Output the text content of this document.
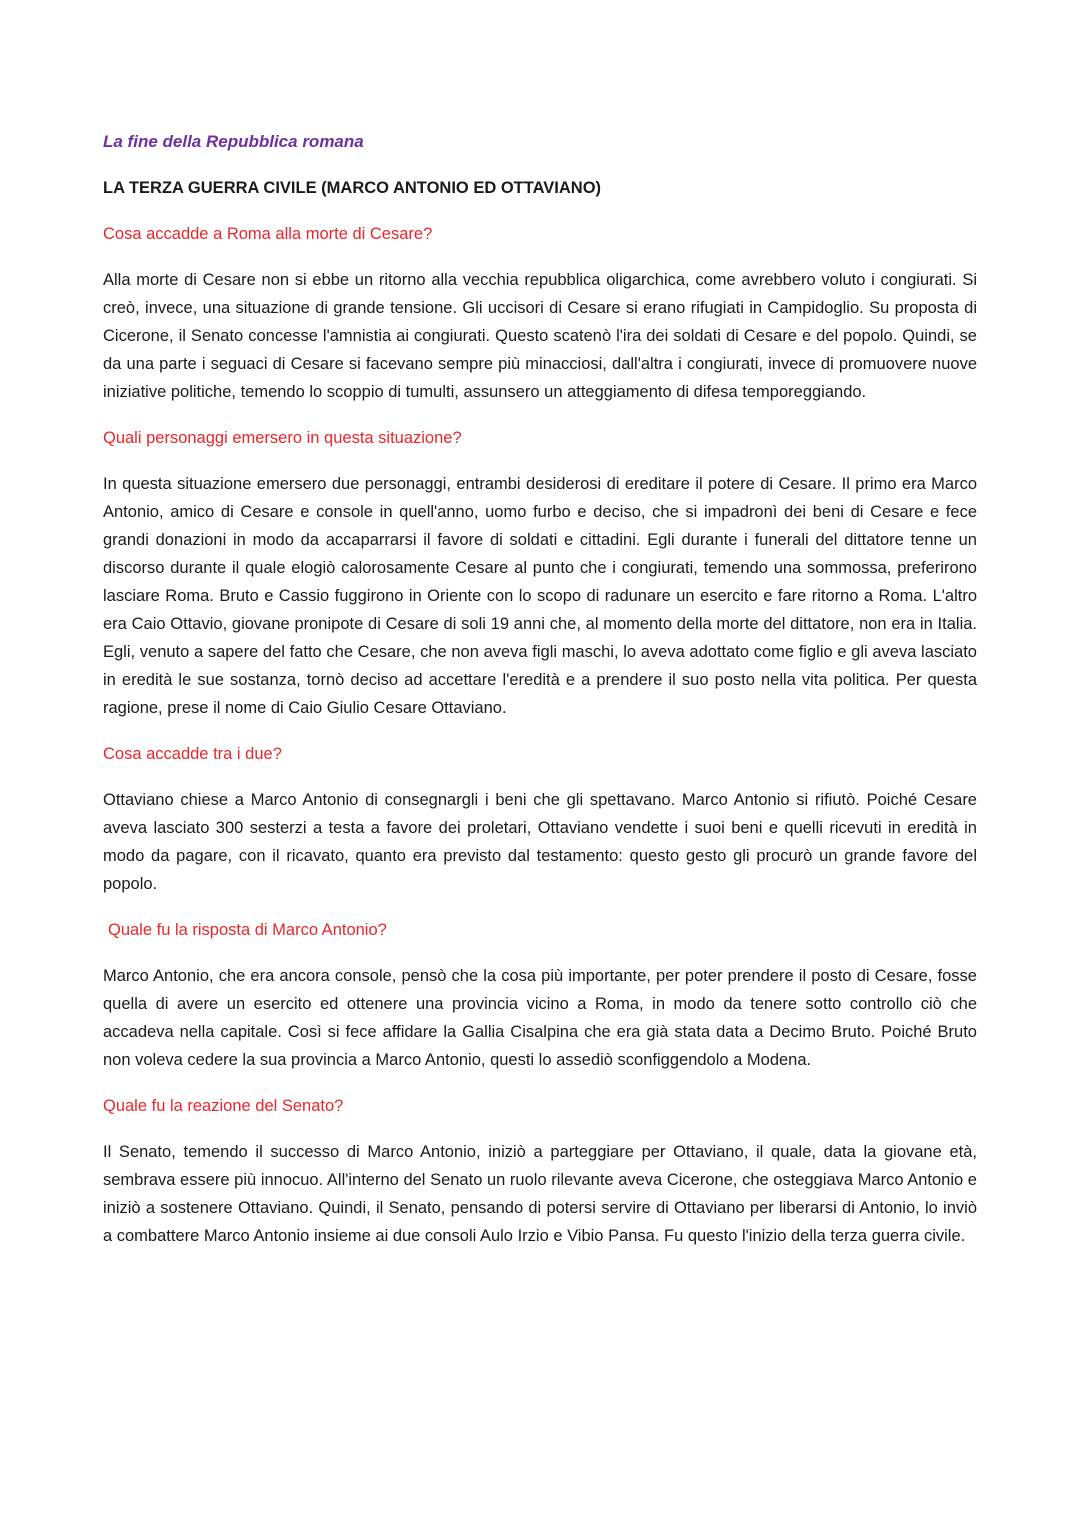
La fine della Repubblica romana

LA TERZA GUERRA CIVILE (MARCO ANTONIO ED OTTAVIANO)

Cosa accadde a Roma alla morte di Cesare?

Alla morte di Cesare non si ebbe un ritorno alla vecchia repubblica oligarchica, come avrebbero voluto i congiurati. Si creò, invece, una situazione di grande tensione. Gli uccisori di Cesare si erano rifugiati in Campidoglio. Su proposta di Cicerone, il Senato concesse l'amnistia ai congiurati. Questo scatenò l'ira dei soldati di Cesare e del popolo. Quindi, se da una parte i seguaci di Cesare si facevano sempre più minacciosi, dall'altra i congiurati, invece di promuovere nuove iniziative politiche, temendo lo scoppio di tumulti, assunsero un atteggiamento di difesa temporeggiando.

Quali personaggi emersero in questa situazione?

In questa situazione emersero due personaggi, entrambi desiderosi di ereditare il potere di Cesare. Il primo era Marco Antonio, amico di Cesare e console in quell'anno, uomo furbo e deciso, che si impadronì dei beni di Cesare e fece grandi donazioni in modo da accaparrarsi il favore di soldati e cittadini. Egli durante i funerali del dittatore tenne un discorso durante il quale elogiò calorosamente Cesare al punto che i congiurati, temendo una sommossa, preferirono lasciare Roma. Bruto e Cassio fuggirono in Oriente con lo scopo di radunare un esercito e fare ritorno a Roma. L'altro era Caio Ottavio, giovane pronipote di Cesare di soli 19 anni che, al momento della morte del dittatore, non era in Italia. Egli, venuto a sapere del fatto che Cesare, che non aveva figli maschi, lo aveva adottato come figlio e gli aveva lasciato in eredità le sue sostanza, tornò deciso ad accettare l'eredità e a prendere il suo posto nella vita politica. Per questa ragione, prese il nome di Caio Giulio Cesare Ottaviano.

Cosa accadde tra i due?

Ottaviano chiese a Marco Antonio di consegnargli i beni che gli spettavano. Marco Antonio si rifiutò. Poiché Cesare aveva lasciato 300 sesterzi a testa a favore dei proletari, Ottaviano vendette i suoi beni e quelli ricevuti in eredità in modo da pagare, con il ricavato, quanto era previsto dal testamento: questo gesto gli procurò un grande favore del popolo.

Quale fu la risposta di Marco Antonio?

Marco Antonio, che era ancora console, pensò che la cosa più importante, per poter prendere il posto di Cesare, fosse quella di avere un esercito ed ottenere una provincia vicino a Roma, in modo da tenere sotto controllo ciò che accadeva nella capitale. Così si fece affidare la Gallia Cisalpina che era già stata data a Decimo Bruto. Poiché Bruto non voleva cedere la sua provincia a Marco Antonio, questi lo assediò sconfiggendolo a Modena.

Quale fu la reazione del Senato?

Il Senato, temendo il successo di Marco Antonio, iniziò a parteggiare per Ottaviano, il quale, data la giovane età, sembrava essere più innocuo. All'interno del Senato un ruolo rilevante aveva Cicerone, che osteggiava Marco Antonio e iniziò a sostenere Ottaviano. Quindi, il Senato, pensando di potersi servire di Ottaviano per liberarsi di Antonio, lo inviò a combattere Marco Antonio insieme ai due consoli Aulo Irzio e Vibio Pansa. Fu questo l'inizio della terza guerra civile.
